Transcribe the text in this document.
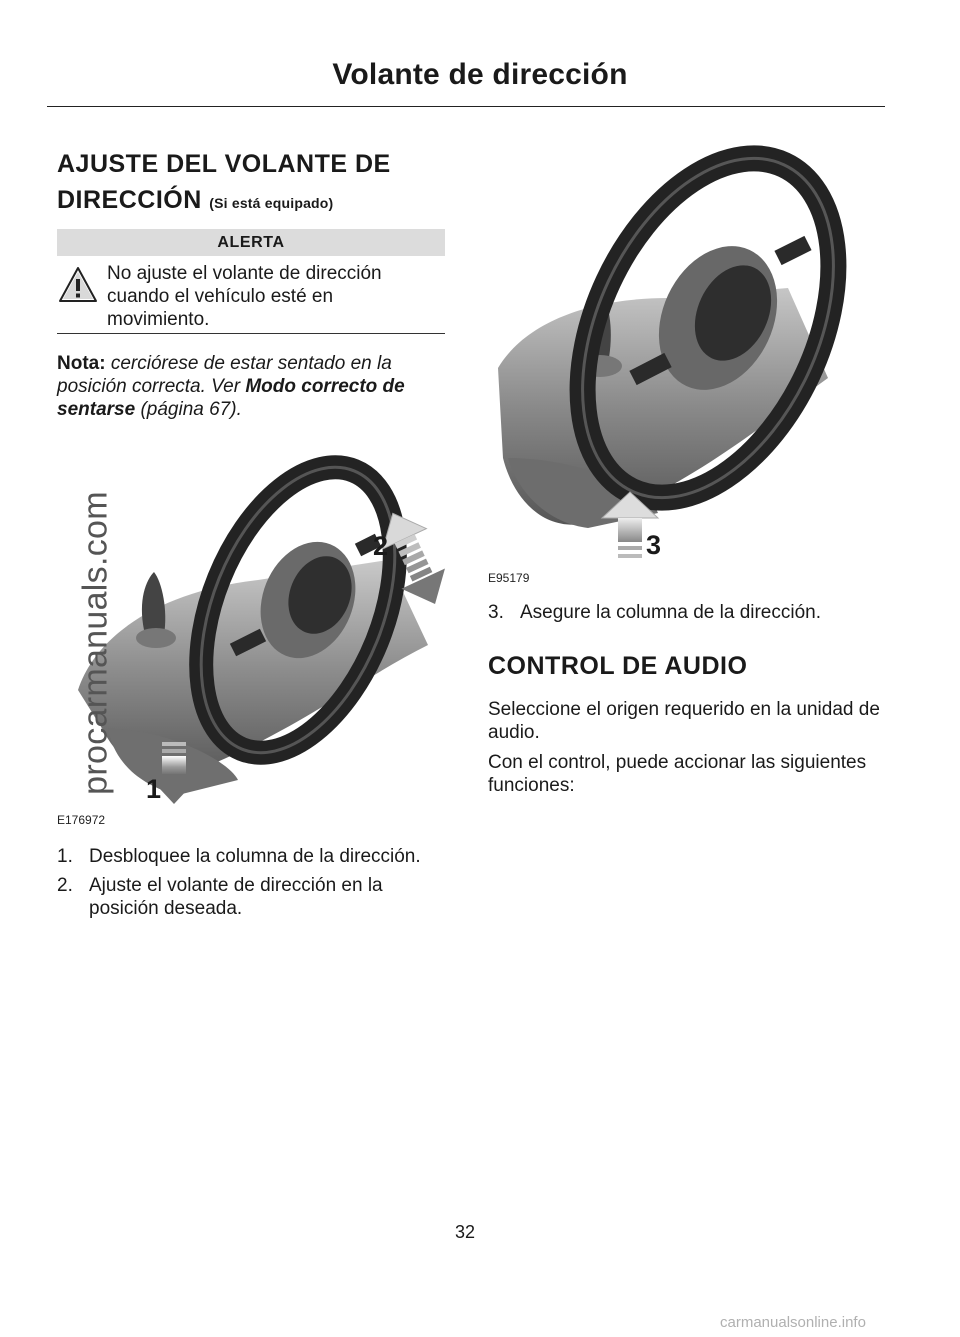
Volante de dirección
AJUSTE DEL VOLANTE DE
DIRECCIÓN (Si está equipado)
ALERTA
No ajuste el volante de dirección cuando el vehículo esté en movimiento.
Nota: cerciórese de estar sentado en la posición correcta. Ver Modo correcto de sentarse (página 67).
2
1
E176972
1. Desbloquee la columna de la dirección.
2. Ajuste el volante de dirección en la posición deseada.
3
E95179
3. Asegure la columna de la dirección.
CONTROL DE AUDIO
Seleccione el origen requerido en la unidad de audio.
Con el control, puede accionar las siguientes funciones:
32
procarmanuals.com
carmanualsonline.info
